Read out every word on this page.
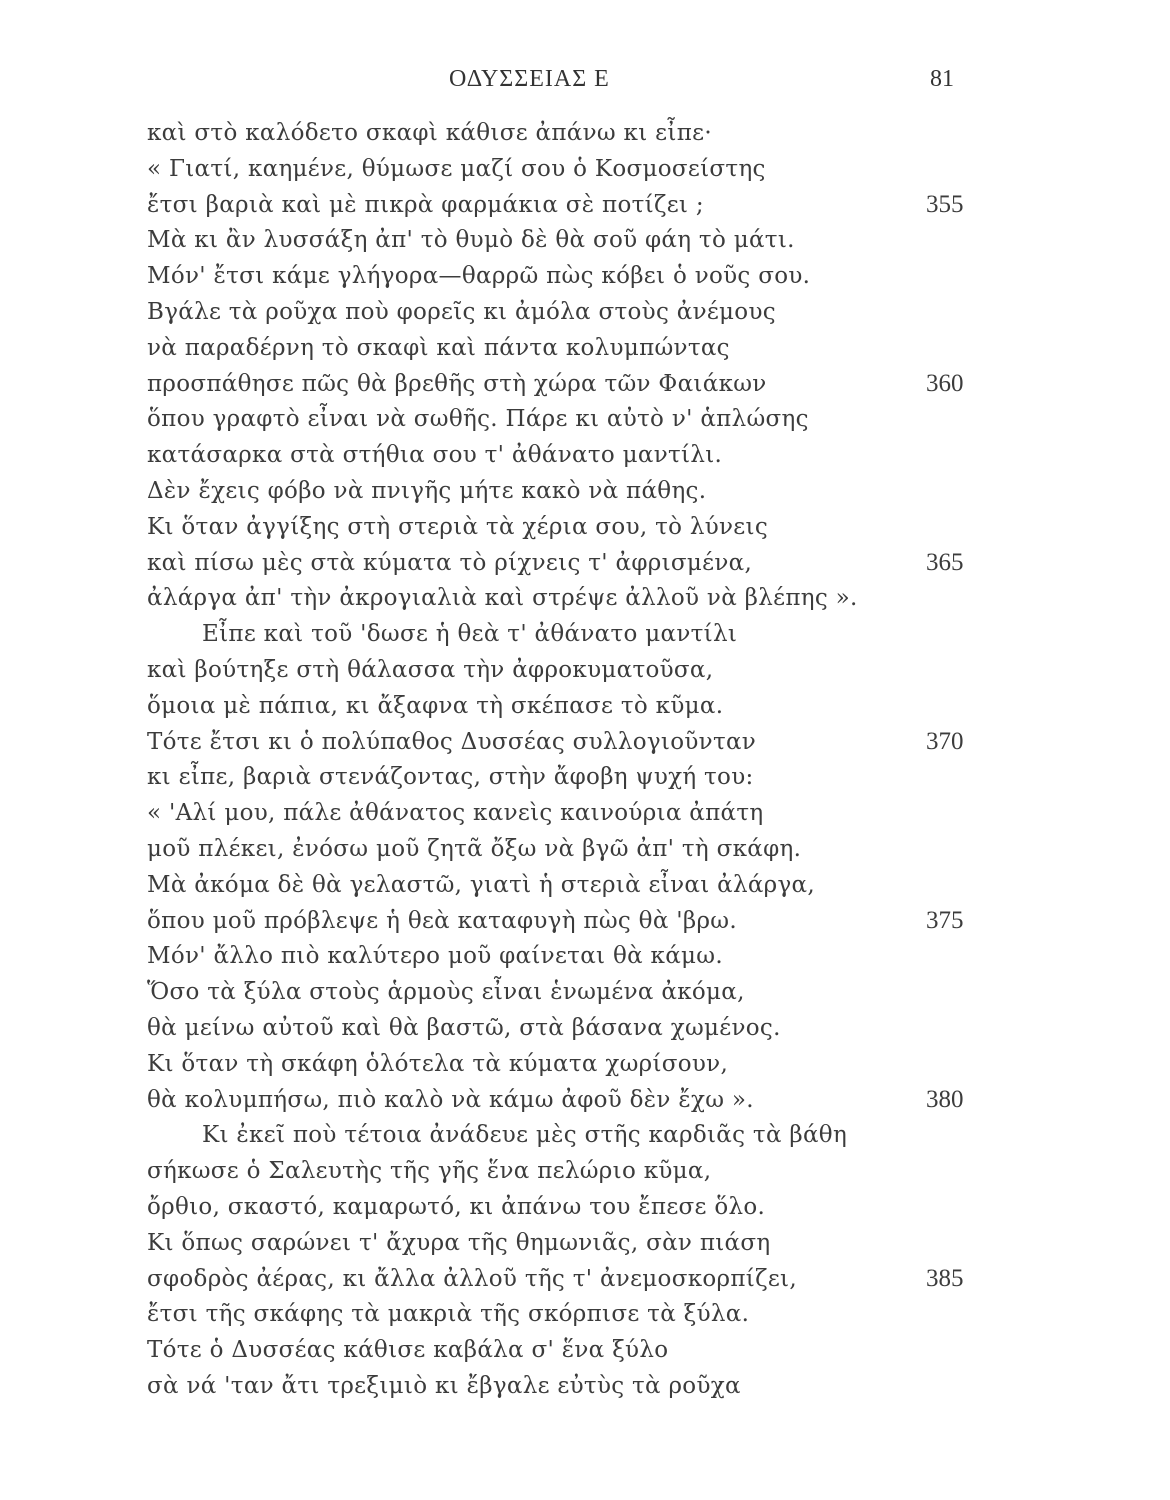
ΟΔΥΣΣΕΙΑΣ Ε	81
καὶ στὸ καλόδετο σκαφὶ κάθισε ἀπάνω κι εἶπε·
« Γιατί, καημένε, θύμωσε μαζί σου ὁ Κοσμοσείστης
ἔτσι βαριὰ καὶ μὲ πικρὰ φαρμάκια σὲ ποτίζει ;	355
Μὰ κι ἂν λυσσάξη ἀπ' τὸ θυμὸ δὲ θὰ σοῦ φάη τὸ μάτι.
Μόν' ἔτσι κάμε γλήγορα—θαρρῶ πὼς κόβει ὁ νοῦς σου.
Βγάλε τὰ ροῦχα ποὺ φορεῖς κι ἀμόλα στοὺς ἀνέμους
νὰ παραδέρνη τὸ σκαφὶ καὶ πάντα κολυμπώντας
προσπάθησε πῶς θὰ βρεθῆς στὴ χώρα τῶν Φαιάκων	360
ὅπου γραφτὸ εἶναι νὰ σωθῆς. Πάρε κι αὐτὸ ν' ἁπλώσης
κατάσαρκα στὰ στήθια σου τ' ἀθάνατο μαντίλι.
Δὲν ἔχεις φόβο νὰ πνιγῆς μήτε κακὸ νὰ πάθης.
Κι ὅταν ἀγγίξης στὴ στεριὰ τὰ χέρια σου, τὸ λύνεις
καὶ πίσω μὲς στὰ κύματα τὸ ρίχνεις τ' ἀφρισμένα,	365
ἀλάργα ἀπ' τὴν ἀκρογιαλιὰ καὶ στρέψε ἀλλοῦ νὰ βλέπης ».
Εἶπε καὶ τοῦ 'δωσε ἡ θεὰ τ' ἀθάνατο μαντίλι
καὶ βούτηξε στὴ θάλασσα τὴν ἀφροκυματοῦσα,
ὅμοια μὲ πάπια, κι ἄξαφνα τὴ σκέπασε τὸ κῦμα.
Τότε ἔτσι κι ὁ πολύπαθος Δυσσέας συλλογιοῦνταν	370
κι εἶπε, βαριὰ στενάζοντας, στὴν ἄφοβη ψυχή του:
« 'Αλί μου, πάλε ἀθάνατος κανεὶς καινούρια ἀπάτη
μοῦ πλέκει, ἐνόσω μοῦ ζητᾶ ὄξω νὰ βγῶ ἀπ' τὴ σκάφη.
Μὰ ἀκόμα δὲ θὰ γελαστῶ, γιατὶ ἡ στεριὰ εἶναι ἀλάργα,
ὅπου μοῦ πρόβλεψε ἡ θεὰ καταφυγὴ πὼς θὰ 'βρω.	375
Μόν' ἄλλο πιὸ καλύτερο μοῦ φαίνεται θὰ κάμω.
Ὅσο τὰ ξύλα στοὺς ἁρμοὺς εἶναι ἑνωμένα ἀκόμα,
θὰ μείνω αὐτοῦ καὶ θὰ βαστῶ, στὰ βάσανα χωμένος.
Κι ὅταν τὴ σκάφη ὁλότελα τὰ κύματα χωρίσουν,
θὰ κολυμπήσω, πιὸ καλὸ νὰ κάμω ἀφοῦ δὲν ἔχω ».	380
Κι ἐκεῖ ποὺ τέτοια ἀνάδευε μὲς στῆς καρδιᾶς τὰ βάθη
σήκωσε ὁ Σαλευτὴς τῆς γῆς ἕνα πελώριο κῦμα,
ὄρθιο, σκαστό, καμαρωτό, κι ἀπάνω του ἔπεσε ὅλο.
Κι ὅπως σαρώνει τ' ἄχυρα τῆς θημωνιᾶς, σὰν πιάση
σφοδρὸς ἀέρας, κι ἄλλα ἀλλοῦ τῆς τ' ἀνεμοσκορπίζει,	385
ἔτσι τῆς σκάφης τὰ μακριὰ τῆς σκόρπισε τὰ ξύλα.
Τότε ὁ Δυσσέας κάθισε καβάλα σ' ἕνα ξύλο
σὰ νά 'ταν ἄτι τρεξιμιὸ κι ἔβγαλε εὐτὺς τὰ ροῦχα
